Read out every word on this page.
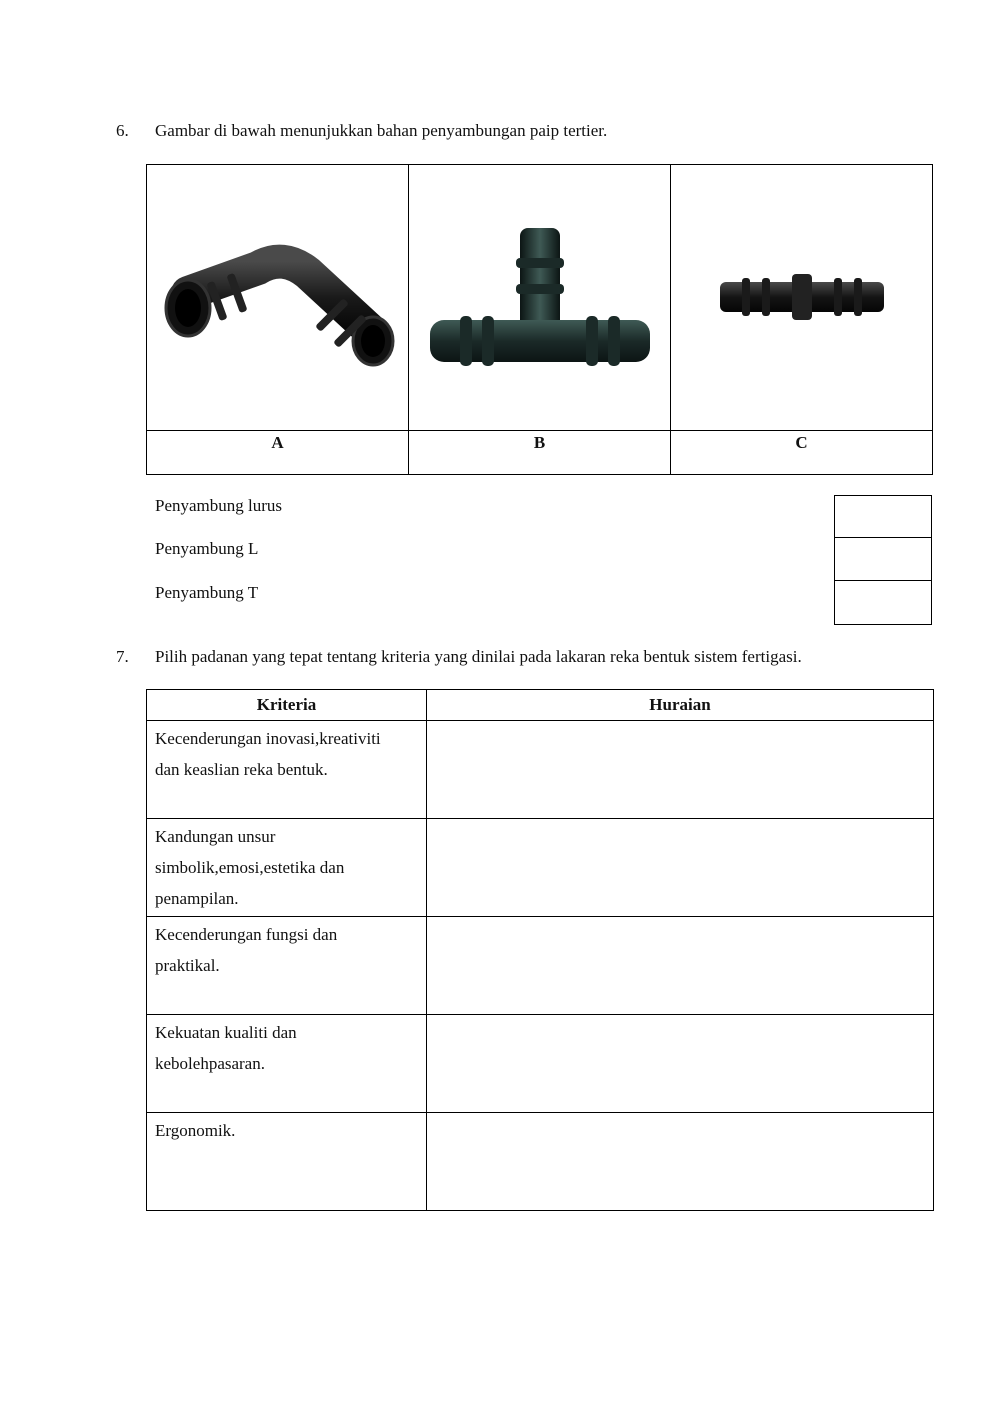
6. Gambar di bawah menunjukkan bahan penyambungan paip tertier.

A	B	C
Penyambung lurus
Penyambung L
Penyambung T
7. Pilih padanan yang tepat tentang kriteria yang dinilai pada lakaran reka bentuk sistem fertigasi.
Kriteria	Huraian

Kecenderungan inovasi,kreativiti
dan keaslian reka bentuk.	

Kandungan unsur
simbolik,emosi,estetika dan
penampilan.	

Kecenderungan fungsi dan
praktikal.	

Kekuatan kualiti dan
kebolehpasaran.	

Ergonomik.	
